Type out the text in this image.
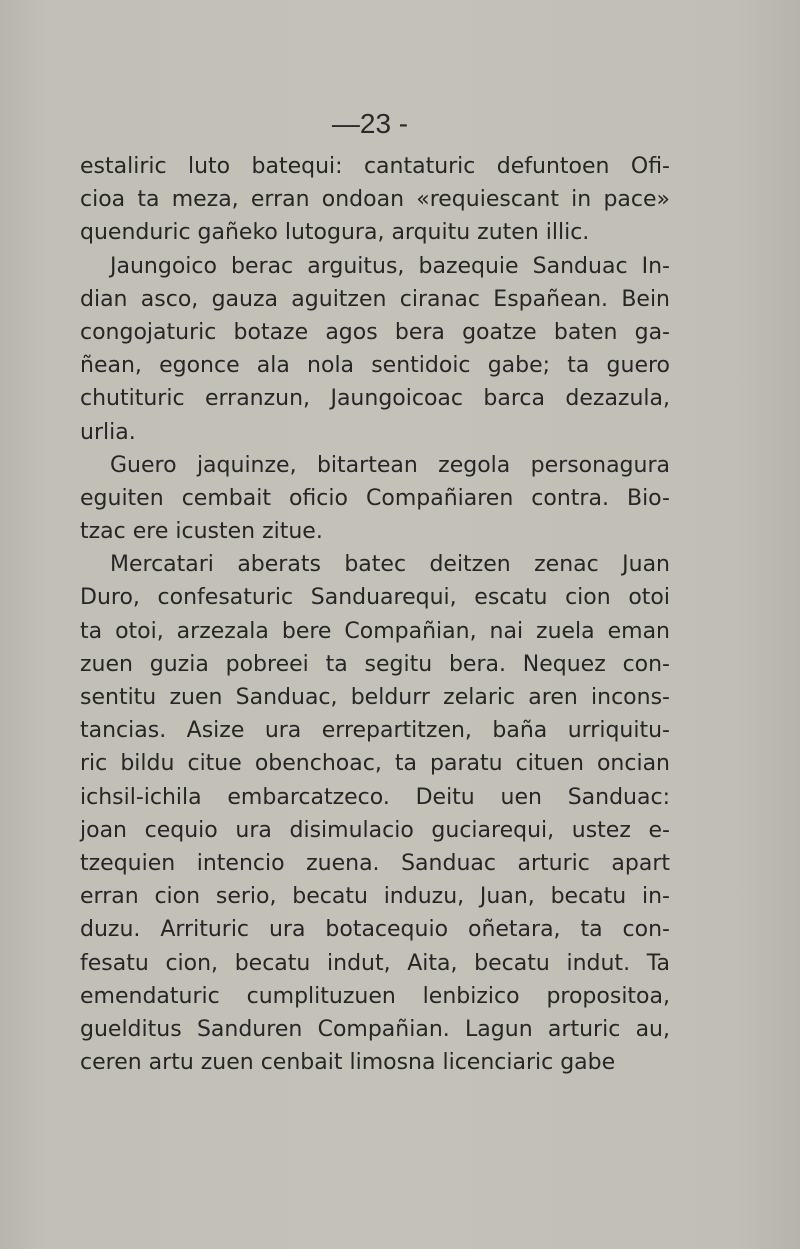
—23 -
estaliric luto batequi: cantaturic defuntoen Ofi-
cioa ta meza, erran ondoan «requiescant in pace»
quenduric gañeko lutogura, arquitu zuten illic.
Jaungoico berac arguitus, bazequie Sanduac In-
dian asco, gauza aguitzen ciranac Españean. Bein
congojaturic botaze agos bera goatze baten ga-
ñean, egonce ala nola sentidoic gabe; ta guero
chutituric erranzun, Jaungoicoac barca dezazula,
urlia.
Guero jaquinze, bitartean zegola personagura
eguiten cembait oficio Compañiaren contra. Bio-
tzac ere icusten zitue.
Mercatari aberats batec deitzen zenac Juan
Duro, confesaturic Sanduarequi, escatu cion otoi
ta otoi, arzezala bere Compañian, nai zuela eman
zuen guzia pobreei ta segitu bera. Nequez con-
sentitu zuen Sanduac, beldurr zelaric aren incons-
tancias. Asize ura errepartitzen, baña urriquitu-
ric bildu citue obenchoac, ta paratu cituen oncian
ichsil-ichila embarcatzeco. Deitu uen Sanduac:
joan cequio ura disimulacio guciarequi, ustez e-
tzequien intencio zuena. Sanduac arturic apart
erran cion serio, becatu induzu, Juan, becatu in-
duzu. Arrituric ura botacequio oñetara, ta con-
fesatu cion, becatu indut, Aita, becatu indut. Ta
emendaturic cumplituzuen lenbizico propositoa,
guelditus Sanduren Compañian. Lagun arturic au,
ceren artu zuen cenbait limosna licenciaric gabe
